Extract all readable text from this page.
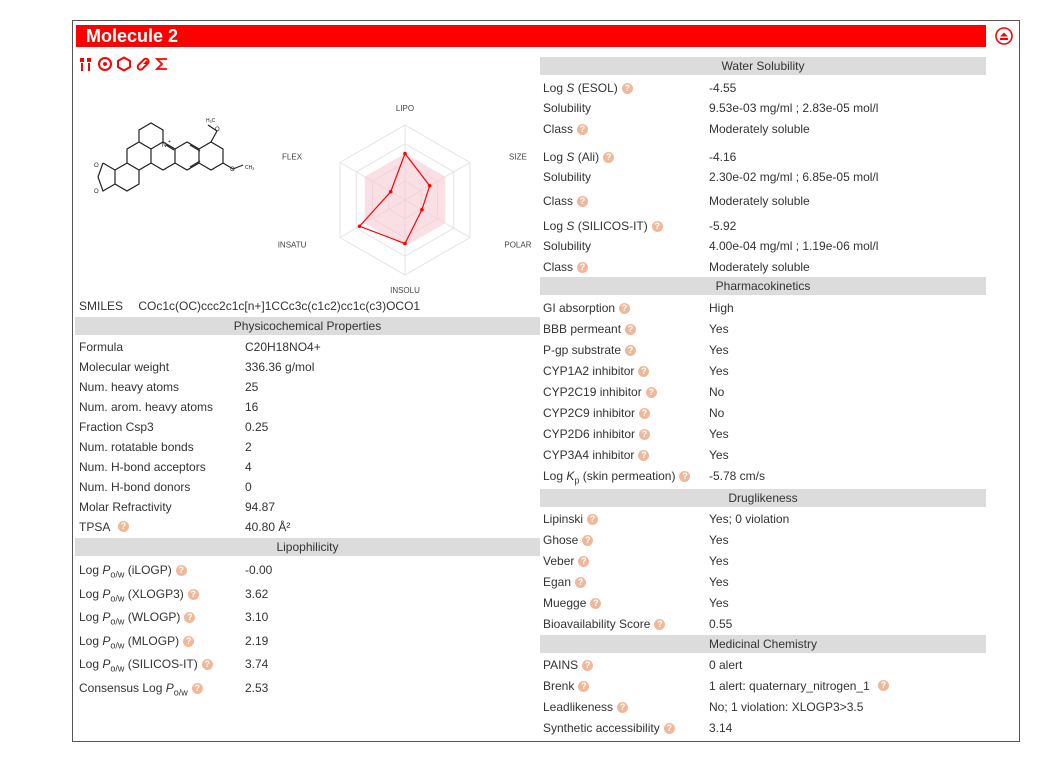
Molecule 2
N
+
O
O
O
O
$H_3C$
$CH_3$
LIPO
SIZE
POLAR
INSOLU
INSATU
FLEX
SMILES COc1c(OC)ccc2c1c[n+]1CCc3c(c1c2)cc1c(c3)OCO1
Physicochemical Properties
Formula	C20H18NO4+
Molecular weight	336.36 g/mol
Num. heavy atoms	25
Num. arom. heavy atoms	16
Fraction Csp3	0.25
Num. rotatable bonds	2
Num. H-bond acceptors	4
Num. H-bond donors	0
Molar Refractivity	94.87
TPSA	?	40.80 Å²
Lipophilicity
Log $P_{o/w}$ (iLOGP) ?	-0.00
Log $P_{o/w}$ (XLOGP3) ?	3.62
Log $P_{o/w}$ (WLOGP) ?	3.10
Log $P_{o/w}$ (MLOGP) ?	2.19
Log $P_{o/w}$ (SILICOS-IT) ?	3.74
Consensus Log $P_{o/w}$ ?	2.53
Water Solubility
Log S (ESOL) ?	-4.55
Solubility	9.53e-03 mg/ml ; 2.83e-05 mol/l
Class ?	Moderately soluble
Log S (Ali) ?	-4.16
Solubility	2.30e-02 mg/ml ; 6.85e-05 mol/l
Class ?	Moderately soluble
Log S (SILICOS-IT) ?	-5.92
Solubility	4.00e-04 mg/ml ; 1.19e-06 mol/l
Class ?	Moderately soluble
Pharmacokinetics
GI absorption ?	High
BBB permeant ?	Yes
P-gp substrate ?	Yes
CYP1A2 inhibitor ?	Yes
CYP2C19 inhibitor ?	No
CYP2C9 inhibitor ?	No
CYP2D6 inhibitor ?	Yes
CYP3A4 inhibitor ?	Yes
Log $K_p$ (skin permeation) ? -5.78 cm/s
Druglikeness
Lipinski ?	Yes; 0 violation
Ghose ?	Yes
Veber ?	Yes
Egan ?	Yes
Muegge ?	Yes
Bioavailability Score ?	0.55
Medicinal Chemistry
PAINS ?	0 alert
Brenk ?	1 alert: quaternary_nitrogen_1	?
Leadlikeness ?	No; 1 violation: XLOGP3>3.5
Synthetic accessibility ?	3.14
